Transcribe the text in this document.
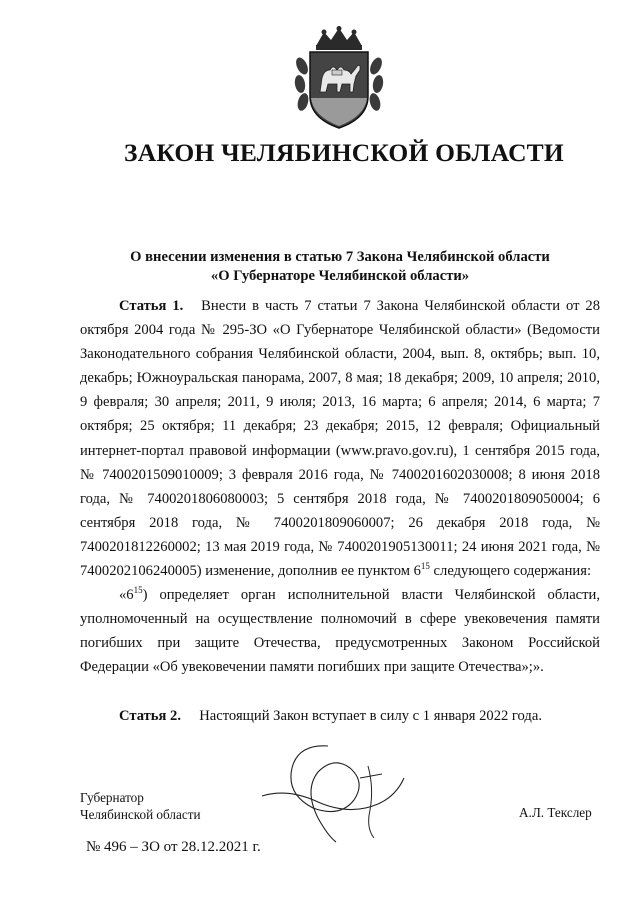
ЗАКОН ЧЕЛЯБИНСКОЙ ОБЛАСТИ
О внесении изменения в статью 7 Закона Челябинской области
«О Губернаторе Челябинской области»

Статья 1. Внести в часть 7 статьи 7 Закона Челябинской области от 28 октября 2004 года № 295-ЗО «О Губернаторе Челябинской области» (Ведомости Законодательного собрания Челябинской области, 2004, вып. 8, октябрь; вып. 10, декабрь; Южноуральская панорама, 2007, 8 мая; 18 декабря; 2009, 10 апреля; 2010, 9 февраля; 30 апреля; 2011, 9 июля; 2013, 16 марта; 6 апреля; 2014, 6 марта; 7 октября; 25 октября; 11 декабря; 23 декабря; 2015, 12 февраля; Официальный интернет-портал правовой информации (www.pravo.gov.ru), 1 сентября 2015 года, № 7400201509010009; 3 февраля 2016 года, № 7400201602030008; 8 июня 2018 года, № 7400201806080003; 5 сентября 2018 года, № 7400201809050004; 6 сентября 2018 года, № 7400201809060007; 26 декабря 2018 года, № 7400201812260002; 13 мая 2019 года, № 7400201905130011; 24 июня 2021 года, № 7400202106240005) изменение, дополнив ее пунктом $6^{15}$ следующего содержания:

«$6^{15}$) определяет орган исполнительной власти Челябинской области, уполномоченный на осуществление полномочий в сфере увековечения памяти погибших при защите Отечества, предусмотренных Законом Российской Федерации «Об увековечении памяти погибших при защите Отечества»;».

Статья 2. Настоящий Закон вступает в силу с 1 января 2022 года.
Губернатор
Челябинской области	А.Л. Текслер
№ 496 – ЗО от 28.12.2021 г.
